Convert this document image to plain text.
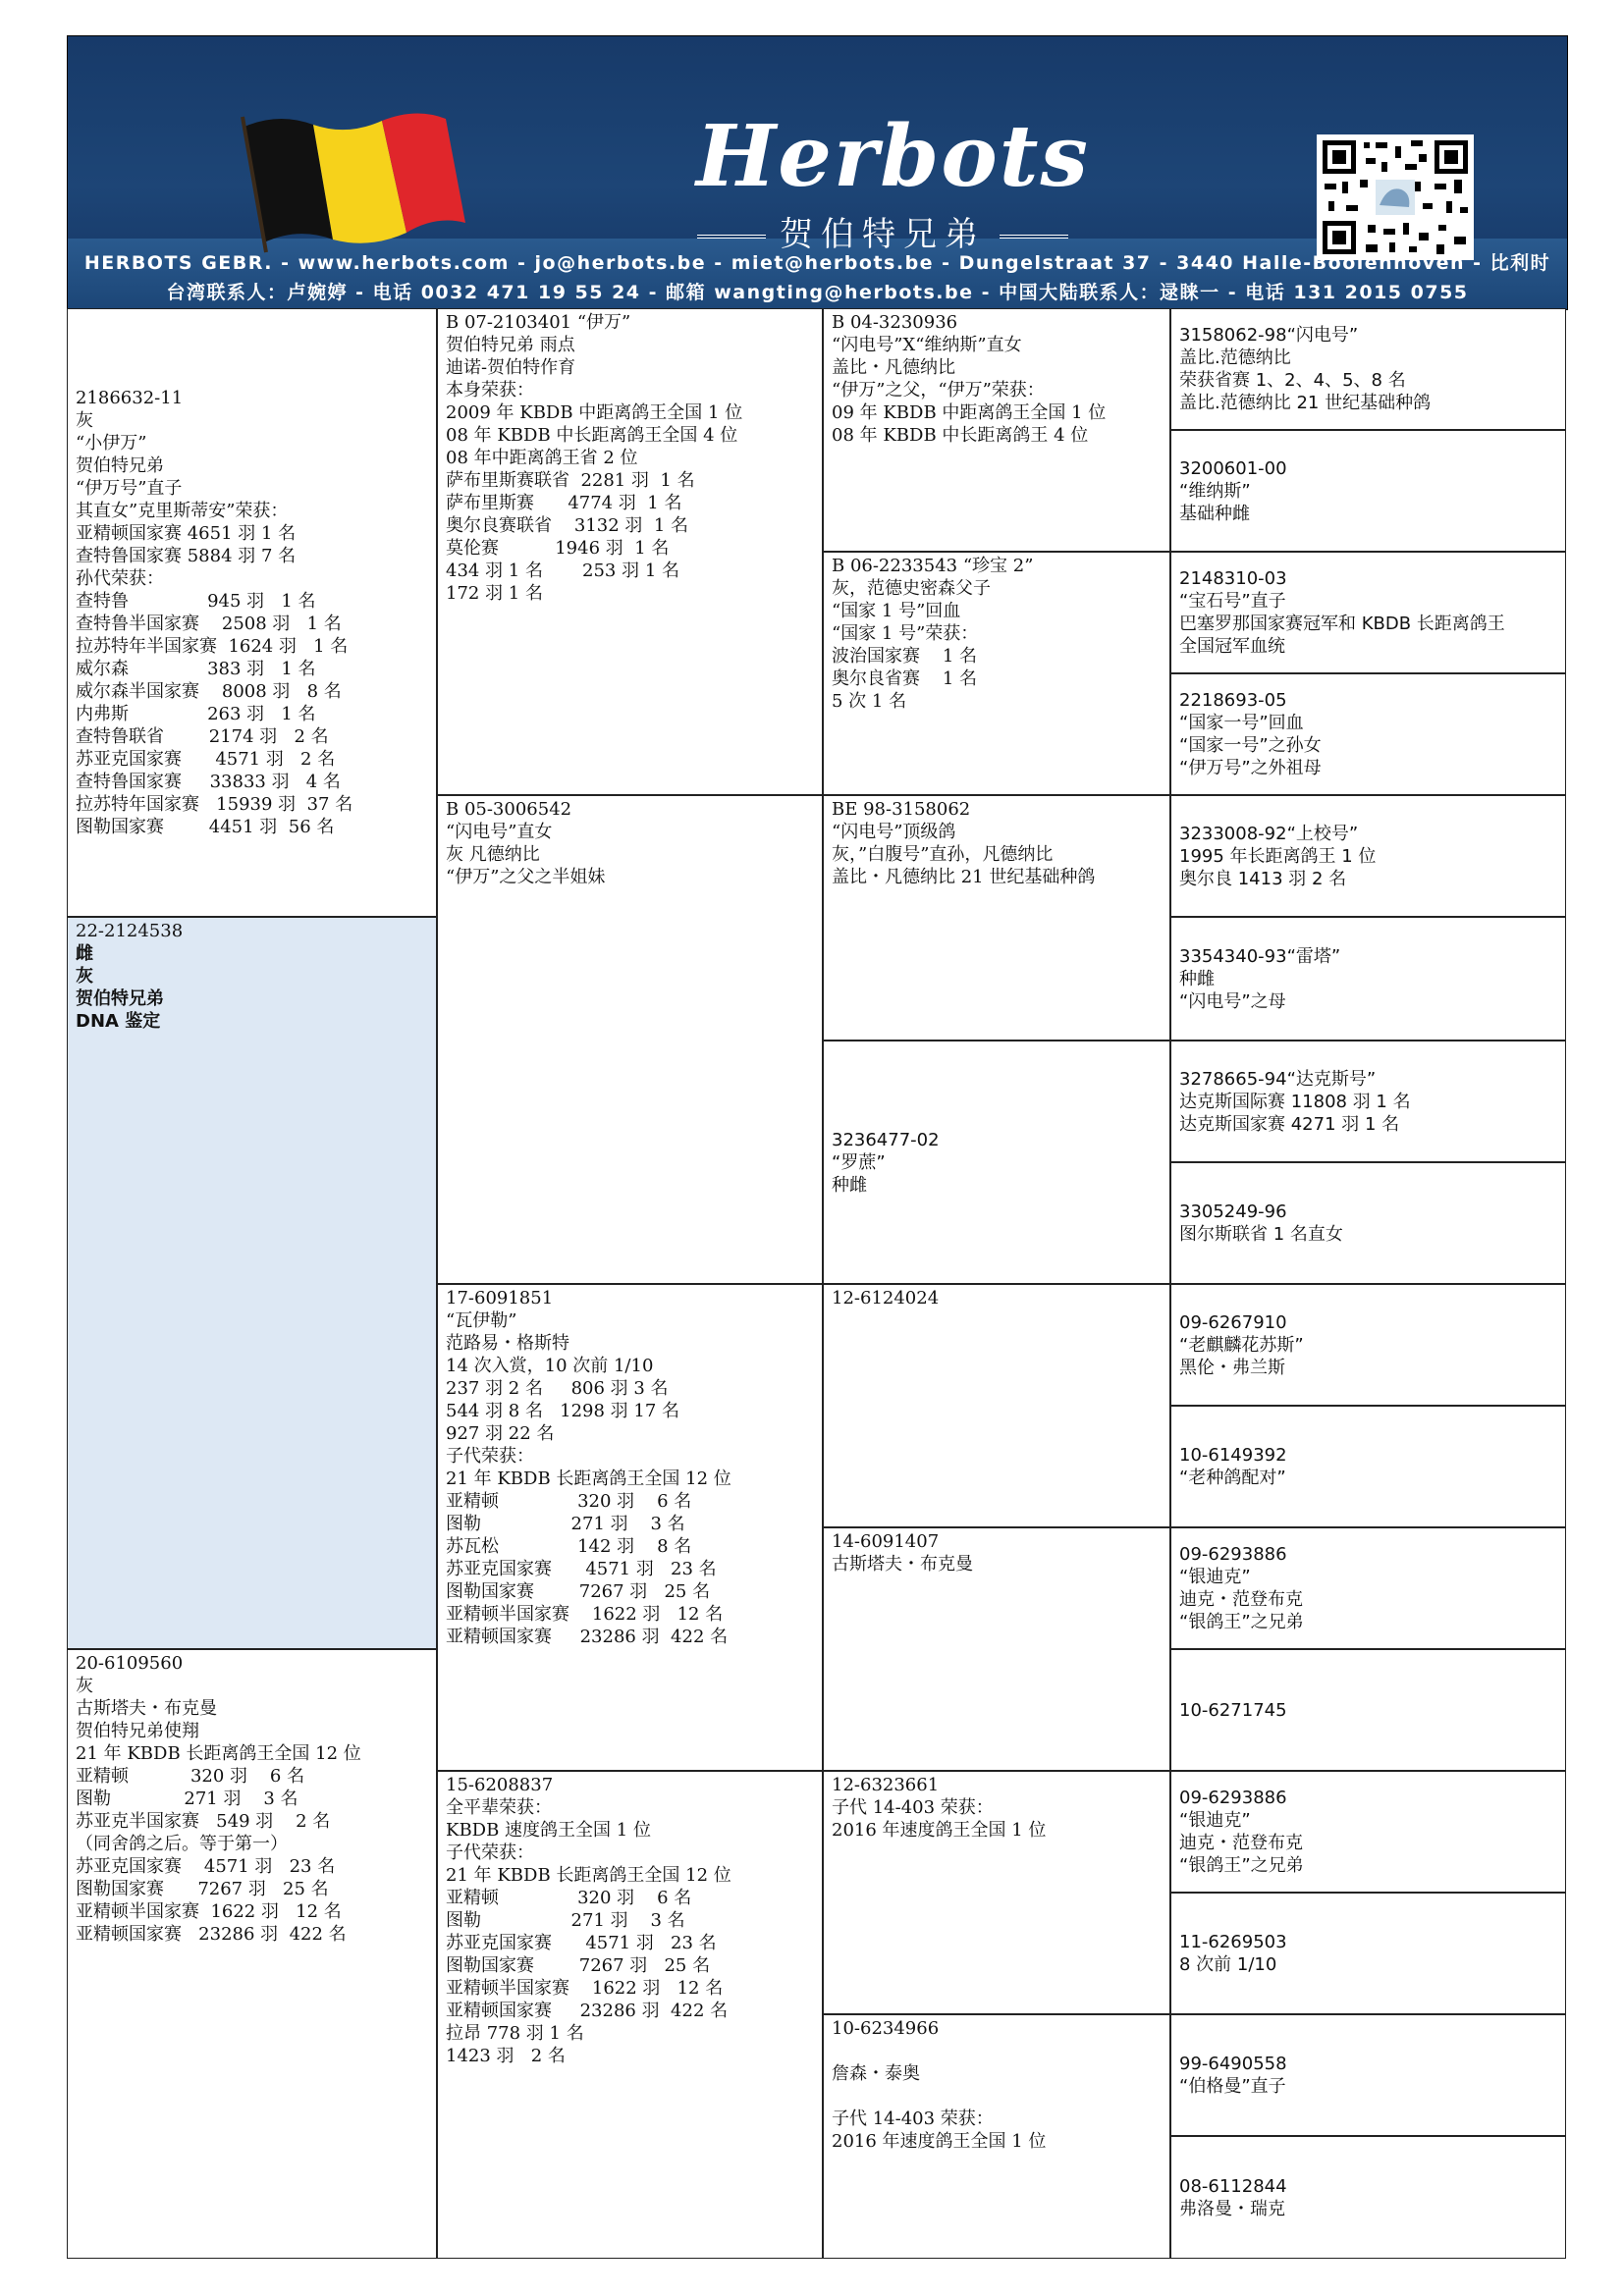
Herbots
贺伯特兄弟
HERBOTS GEBR. - www.herbots.com - jo@herbots.be - miet@herbots.be - Dungelstraat 37 - 3440 Halle-Booienhoven - 比利时
台湾联系人：卢婉婷 - 电话 0032 471 19 55 24 - 邮箱 wangting@herbots.be - 中国大陆联系人：逯睐一 - 电话 131 2015 0755
2186632-11
灰
“小伊万”
贺伯特兄弟
“伊万号”直子
其直女”克里斯蒂安”荣获：
亚精顿国家赛 4651 羽 1 名
查特鲁国家赛 5884 羽 7 名
孙代荣获：
查特鲁              945 羽   1 名
查特鲁半国家赛    2508 羽   1 名
拉苏特年半国家赛  1624 羽   1 名
威尔森              383 羽   1 名
威尔森半国家赛    8008 羽   8 名
内弗斯              263 羽   1 名
查特鲁联省        2174 羽   2 名
苏亚克国家赛      4571 羽   2 名
查特鲁国家赛     33833 羽   4 名
拉苏特年国家赛   15939 羽  37 名
图勒国家赛        4451 羽  56 名
22-2124538
雌
灰
贺伯特兄弟
DNA 鉴定
20-6109560
灰
古斯塔夫・布克曼
贺伯特兄弟使翔
21 年 KBDB 长距离鸽王全国 12 位
亚精顿           320 羽    6 名
图勒             271 羽    3 名
苏亚克半国家赛   549 羽    2 名
（同舍鸽之后。等于第一）
苏亚克国家赛    4571 羽   23 名
图勒国家赛      7267 羽   25 名
亚精顿半国家赛  1622 羽   12 名
亚精顿国家赛   23286 羽  422 名
B 07-2103401 “伊万”
贺伯特兄弟 雨点
迪诺-贺伯特作育
本身荣获：
2009 年 KBDB 中距离鸽王全国 1 位
08 年 KBDB 中长距离鸽王全国 4 位
08 年中距离鸽王省 2 位
萨布里斯赛联省  2281 羽  1 名
萨布里斯赛      4774 羽  1 名
奥尔良赛联省    3132 羽  1 名
莫伦赛          1946 羽  1 名
434 羽 1 名       253 羽 1 名
172 羽 1 名
B 05-3006542
“闪电号”直女
灰 凡德纳比
“伊万”之父之半姐妹
17-6091851
“瓦伊勒”
范路易・格斯特
14 次入赏，10 次前 1/10
237 羽 2 名     806 羽 3 名
544 羽 8 名   1298 羽 17 名
927 羽 22 名
子代荣获：
21 年 KBDB 长距离鸽王全国 12 位
亚精顿              320 羽    6 名
图勒                271 羽    3 名
苏瓦松              142 羽    8 名
苏亚克国家赛      4571 羽   23 名
图勒国家赛        7267 羽   25 名
亚精顿半国家赛    1622 羽   12 名
亚精顿国家赛     23286 羽  422 名
15-6208837
全平辈荣获：
KBDB 速度鸽王全国 1 位
子代荣获：
21 年 KBDB 长距离鸽王全国 12 位
亚精顿              320 羽    6 名
图勒                271 羽    3 名
苏亚克国家赛      4571 羽   23 名
图勒国家赛        7267 羽   25 名
亚精顿半国家赛    1622 羽   12 名
亚精顿国家赛     23286 羽  422 名
拉昂 778 羽 1 名
1423 羽   2 名
B 04-3230936
“闪电号”X“维纳斯”直女
盖比・凡德纳比
“伊万”之父，“伊万”荣获：
09 年 KBDB 中距离鸽王全国 1 位
08 年 KBDB 中长距离鸽王 4 位
B 06-2233543 “珍宝 2”
灰，范德史密森父子
“国家 1 号”回血
“国家 1 号”荣获：
波治国家赛    1 名
奥尔良省赛    1 名
5 次 1 名
BE 98-3158062
“闪电号”顶级鸽
灰，”白腹号”直孙，凡德纳比
盖比・凡德纳比 21 世纪基础种鸽
3236477-02
“罗蔗”
种雌
12-6124024
14-6091407
古斯塔夫・布克曼
12-6323661
子代 14-403 荣获：
2016 年速度鸽王全国 1 位
10-6234966

詹森・泰奥

子代 14-403 荣获：
2016 年速度鸽王全国 1 位
3158062-98“闪电号”
盖比.范德纳比
荣获省赛 1、2、4、5、8 名
盖比.范德纳比 21 世纪基础种鸽
3200601-00
“维纳斯”
基础种雌
2148310-03
“宝石号”直子
巴塞罗那国家赛冠军和 KBDB 长距离鸽王
全国冠军血统
2218693-05
“国家一号”回血
“国家一号”之孙女
“伊万号”之外祖母
3233008-92“上校号”
1995 年长距离鸽王 1 位
奥尔良 1413 羽 2 名
3354340-93“雷塔”
种雌
“闪电号”之母
3278665-94“达克斯号”
达克斯国际赛 11808 羽 1 名
达克斯国家赛 4271 羽 1 名
3305249-96
图尔斯联省 1 名直女
09-6267910
“老麒麟花苏斯”
黑伦・弗兰斯
10-6149392
“老种鸽配对”
09-6293886
“银迪克”
迪克・范登布克
“银鸽王”之兄弟
10-6271745
09-6293886
“银迪克”
迪克・范登布克
“银鸽王”之兄弟
11-6269503
8 次前 1/10
99-6490558
“伯格曼”直子
08-6112844
弗洛曼・瑞克
